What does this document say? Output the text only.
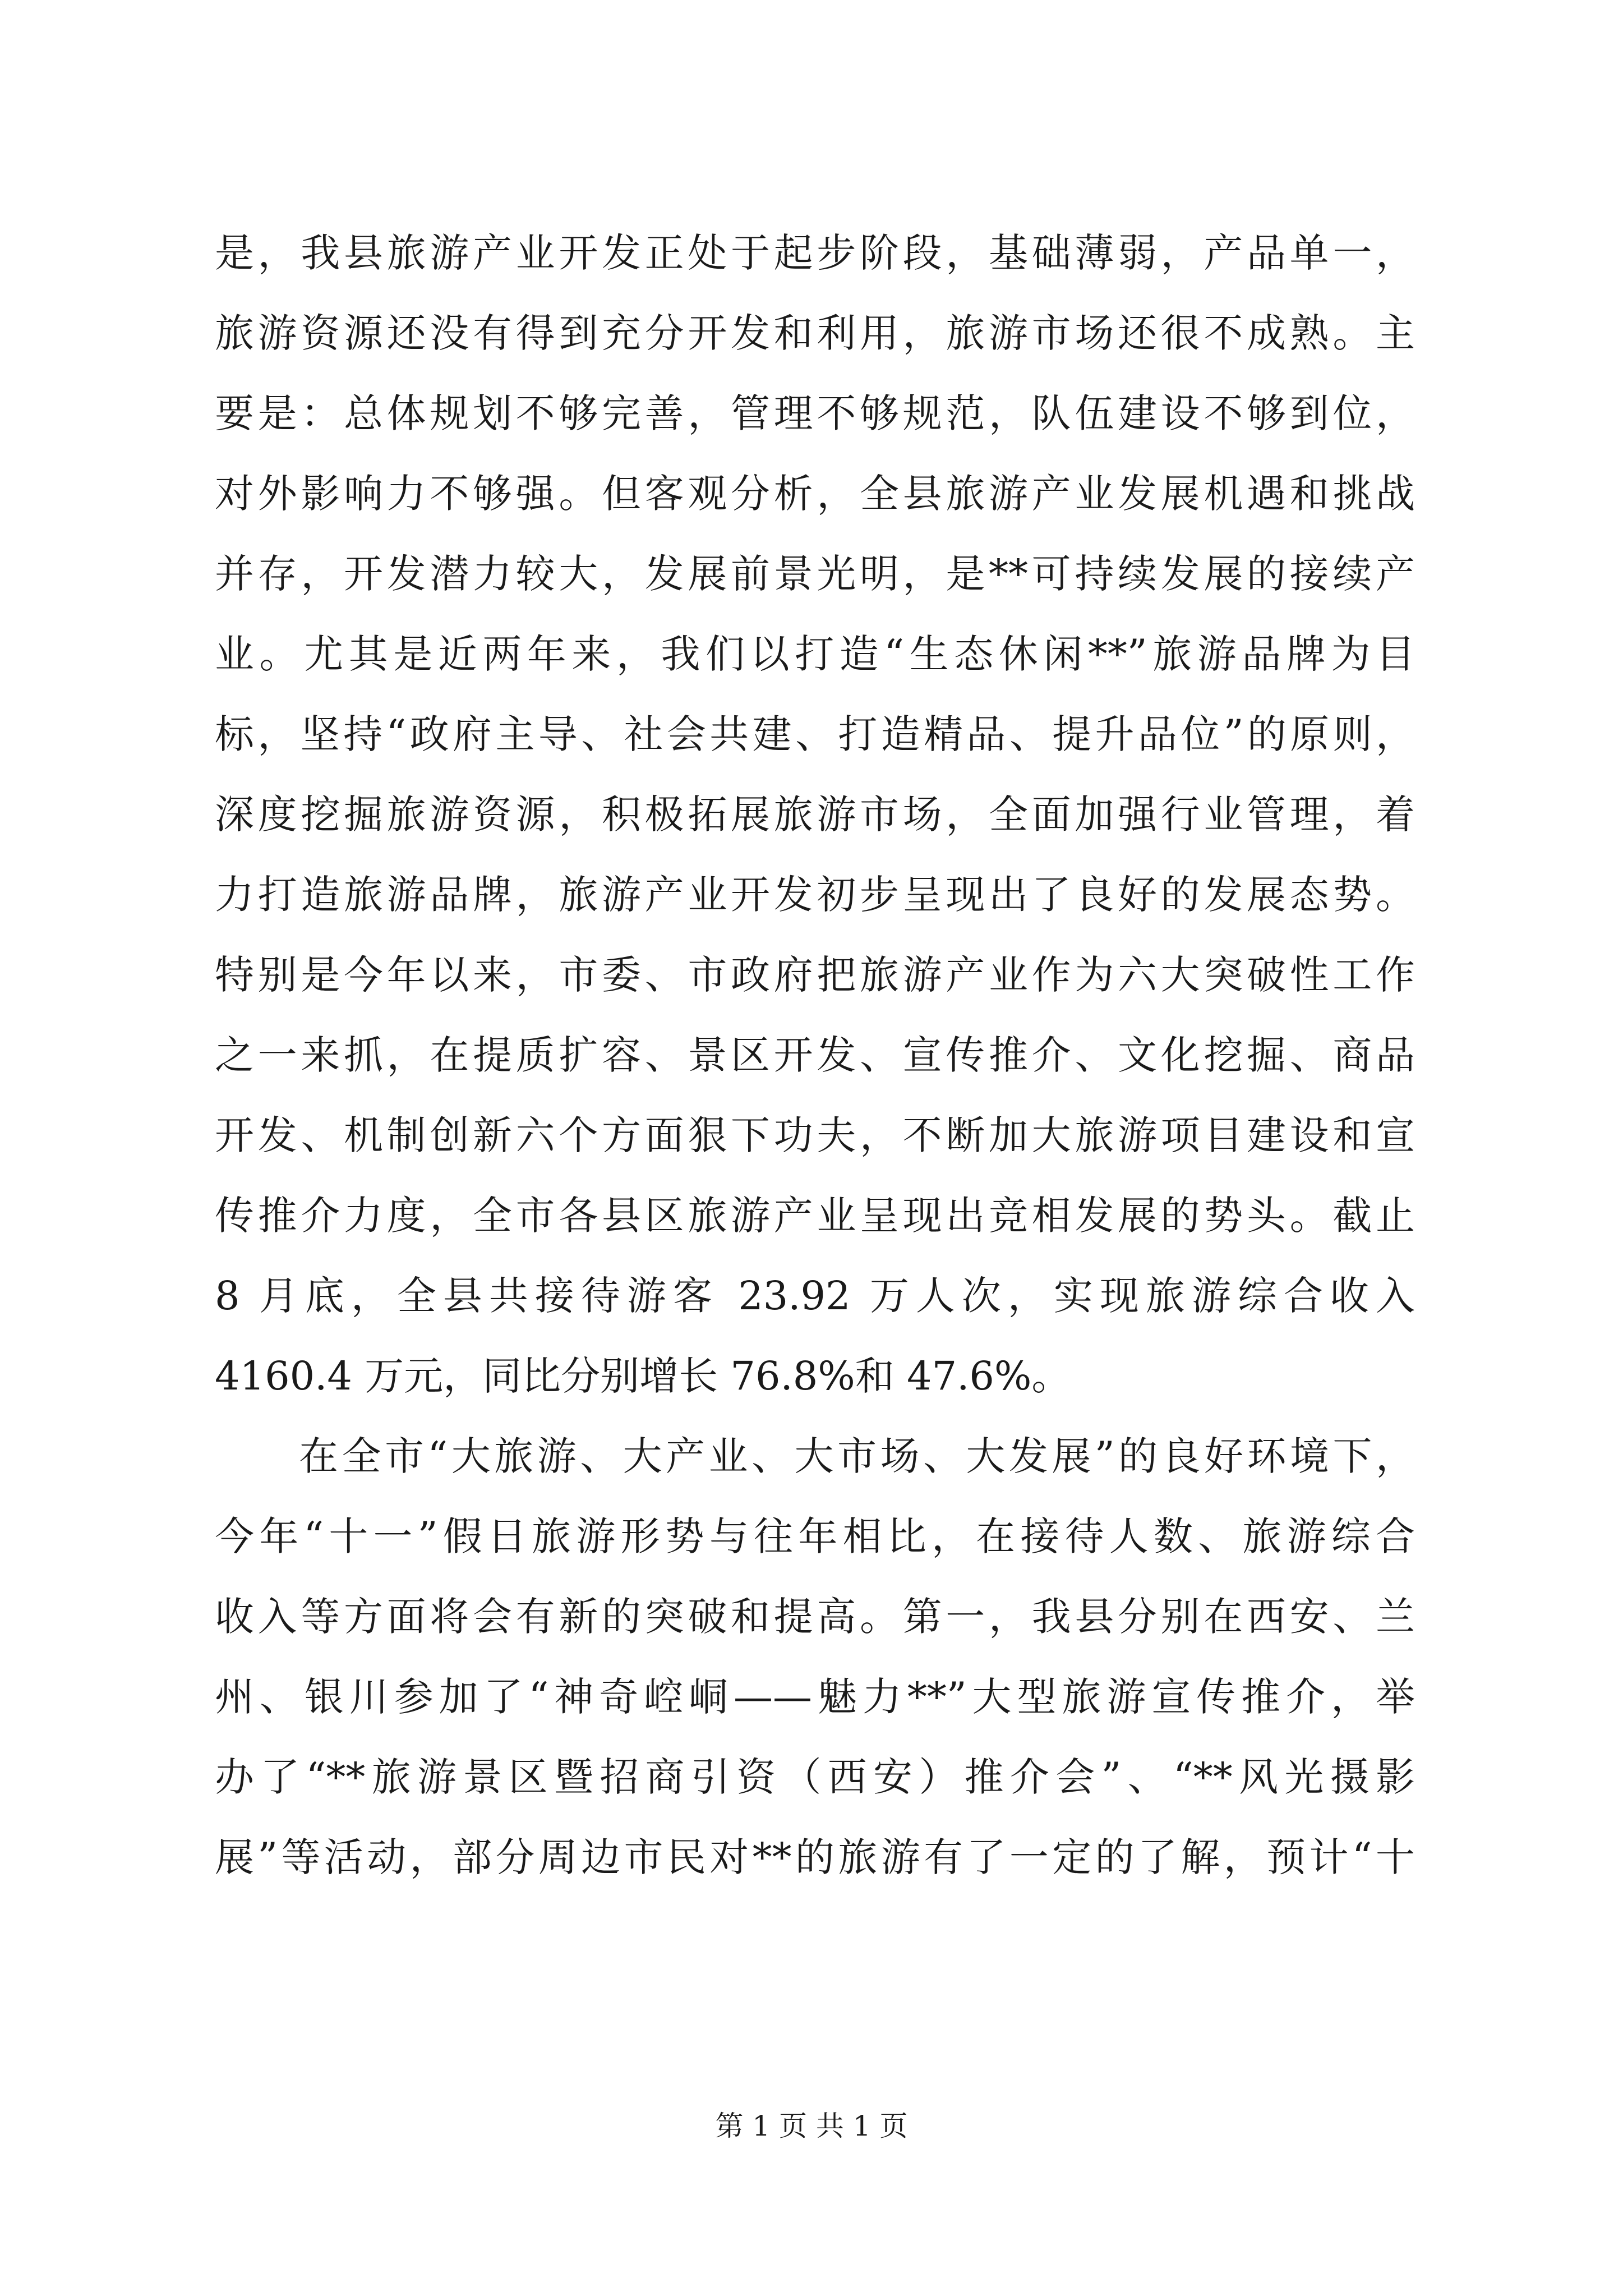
是，我县旅游产业开发正处于起步阶段，基础薄弱，产品单一，
旅游资源还没有得到充分开发和利用，旅游市场还很不成熟。主
要是：总体规划不够完善，管理不够规范，队伍建设不够到位，
对外影响力不够强。但客观分析，全县旅游产业发展机遇和挑战
并存，开发潜力较大，发展前景光明，是**可持续发展的接续产
业。尤其是近两年来，我们以打造“生态休闲**”旅游品牌为目
标，坚持“政府主导、社会共建、打造精品、提升品位”的原则，
深度挖掘旅游资源，积极拓展旅游市场，全面加强行业管理，着
力打造旅游品牌，旅游产业开发初步呈现出了良好的发展态势。
特别是今年以来，市委、市政府把旅游产业作为六大突破性工作
之一来抓，在提质扩容、景区开发、宣传推介、文化挖掘、商品
开发、机制创新六个方面狠下功夫，不断加大旅游项目建设和宣
传推介力度，全市各县区旅游产业呈现出竞相发展的势头。截止
8 月底，全县共接待游客 23.92 万人次，实现旅游综合收入
4160.4 万元，同比分别增长 76.8%和 47.6%。
在全市“大旅游、大产业、大市场、大发展”的良好环境下，
今年“十一”假日旅游形势与往年相比，在接待人数、旅游综合
收入等方面将会有新的突破和提高。第一，我县分别在西安、兰
州、银川参加了“神奇崆峒——魅力**”大型旅游宣传推介，举
办了“**旅游景区暨招商引资（西安）推介会”、“**风光摄影
展”等活动，部分周边市民对**的旅游有了一定的了解，预计“十
第 1 页 共 1 页
